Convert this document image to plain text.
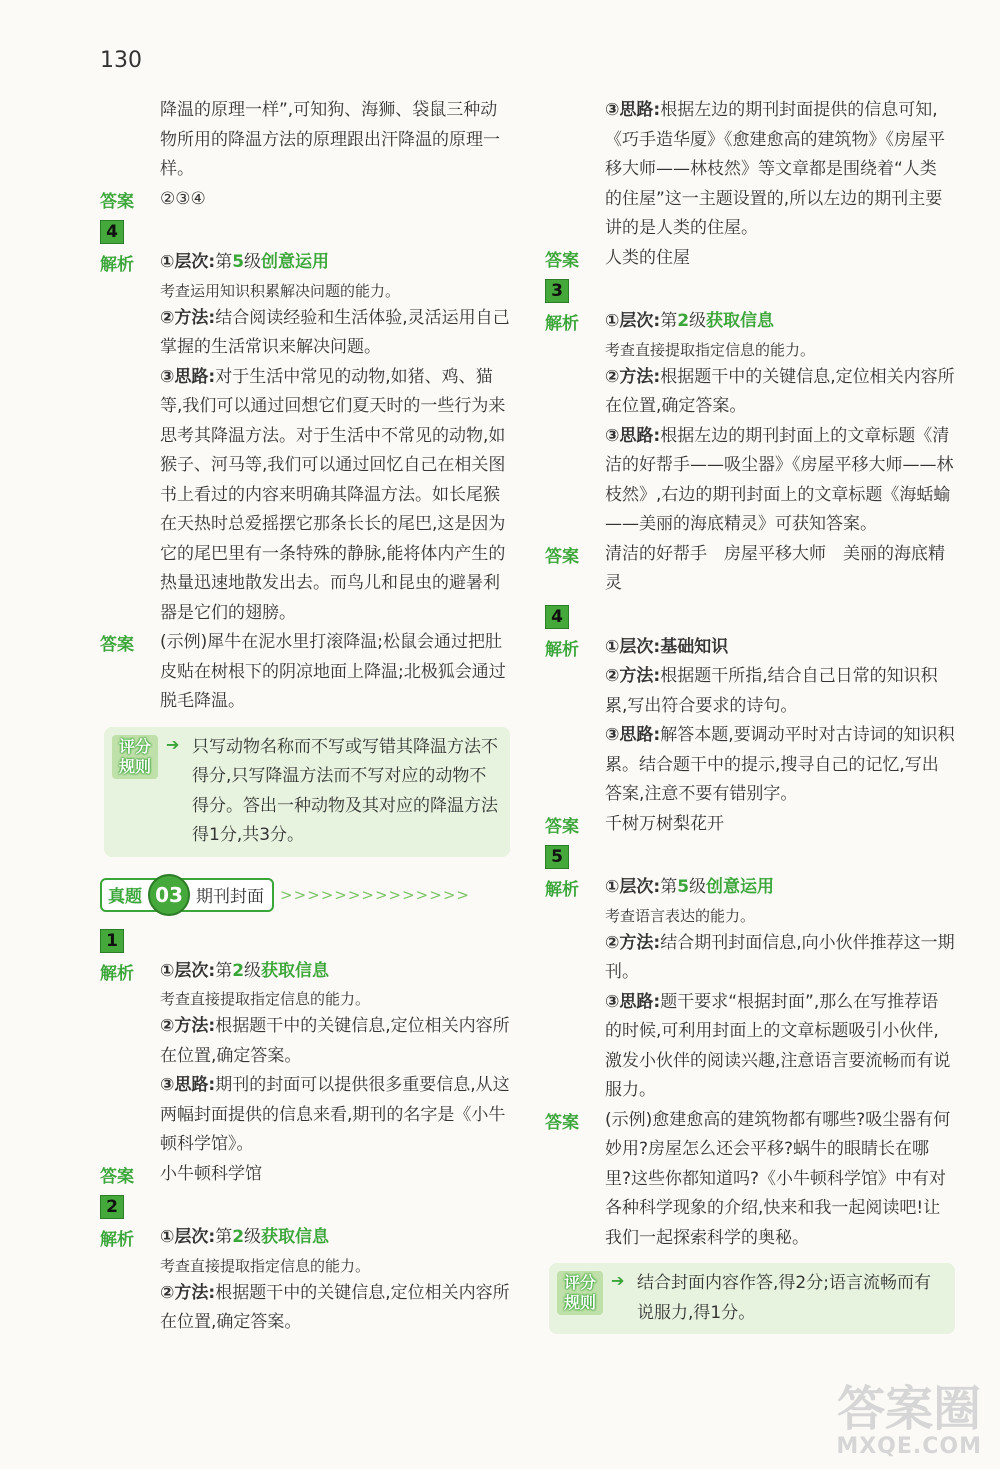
130

降温的原理一样”,可知狗、海狮、袋鼠三种动物所用的降温方法的原理跟出汗降温的原理一样。

答案 ②③④

4
解析 ①层次:第5级创意运用

考查运用知识积累解决问题的能力。

②方法:结合阅读经验和生活体验,灵活运用自己掌握的生活常识来解决问题。

③思路:对于生活中常见的动物,如猪、鸡、猫等,我们可以通过回想它们夏天时的一些行为来思考其降温方法。对于生活中不常见的动物,如猴子、河马等,我们可以通过回忆自己在相关图书上看过的内容来明确其降温方法。如长尾猴在天热时总爱摇摆它那条长长的尾巴,这是因为它的尾巴里有一条特殊的静脉,能将体内产生的热量迅速地散发出去。而鸟儿和昆虫的避暑利器是它们的翅膀。

答案 (示例)犀牛在泥水里打滚降温;松鼠会通过把肚皮贴在树根下的阴凉地面上降温;北极狐会通过脱毛降温。

评分
规则
➔ 只写动物名称而不写或写错其降温方法不得分,只写降温方法而不写对应的动物不得分。答出一种动物及其对应的降温方法得1分,共3分。

真题 03 期刊封面 >>>>>>>>>>>>>>
1
解析 ①层次:第2级获取信息

考查直接提取指定信息的能力。

②方法:根据题干中的关键信息,定位相关内容所在位置,确定答案。

③思路:期刊的封面可以提供很多重要信息,从这两幅封面提供的信息来看,期刊的名字是《小牛顿科学馆》。

答案 小牛顿科学馆

2
解析 ①层次:第2级获取信息

考查直接提取指定信息的能力。

②方法:根据题干中的关键信息,定位相关内容所在位置,确定答案。

③思路:根据左边的期刊封面提供的信息可知,《巧手造华厦》《愈建愈高的建筑物》《房屋平移大师——林枝然》等文章都是围绕着“人类的住屋”这一主题设置的,所以左边的期刊主要讲的是人类的住屋。

答案 人类的住屋

3
解析 ①层次:第2级获取信息

考查直接提取指定信息的能力。

②方法:根据题干中的关键信息,定位相关内容所在位置,确定答案。

③思路:根据左边的期刊封面上的文章标题《清洁的好帮手——吸尘器》《房屋平移大师——林枝然》,右边的期刊封面上的文章标题《海蛞蝓——美丽的海底精灵》可获知答案。

答案 清洁的好帮手　房屋平移大师　美丽的海底精灵

4
解析 ①层次:基础知识

②方法:根据题干所指,结合自己日常的知识积累,写出符合要求的诗句。

③思路:解答本题,要调动平时对古诗词的知识积累。结合题干中的提示,搜寻自己的记忆,写出答案,注意不要有错别字。

答案 千树万树梨花开

5
解析 ①层次:第5级创意运用

考查语言表达的能力。

②方法:结合期刊封面信息,向小伙伴推荐这一期刊。

③思路:题干要求“根据封面”,那么在写推荐语的时候,可利用封面上的文章标题吸引小伙伴,激发小伙伴的阅读兴趣,注意语言要流畅而有说服力。

答案 (示例)愈建愈高的建筑物都有哪些?吸尘器有何妙用?房屋怎么还会平移?蜗牛的眼睛长在哪里?这些你都知道吗?《小牛顿科学馆》中有对各种科学现象的介绍,快来和我一起阅读吧!让我们一起探索科学的奥秘。

评分
规则
➔ 结合封面内容作答,得2分;语言流畅而有说服力,得1分。

答案圈
MXQE.COM
